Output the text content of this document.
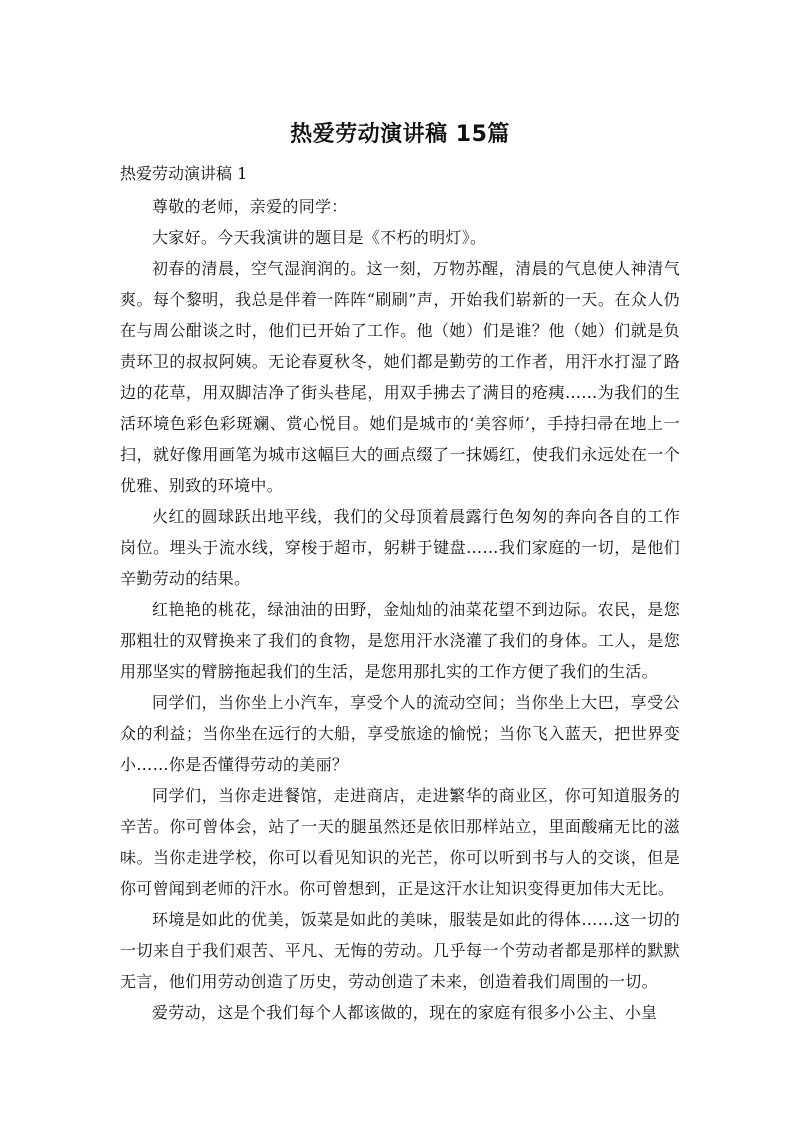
热爱劳动演讲稿 15篇
热爱劳动演讲稿 1

尊敬的老师，亲爱的同学：

大家好。今天我演讲的题目是《不朽的明灯》。

初春的清晨，空气湿润润的。这一刻，万物苏醒，清晨的气息使人神清气爽。每个黎明，我总是伴着一阵阵“刷刷”声，开始我们崭新的一天。在众人仍在与周公酣谈之时，他们已开始了工作。他（她）们是谁？他（她）们就是负责环卫的叔叔阿姨。无论春夏秋冬，她们都是勤劳的工作者，用汗水打湿了路边的花草，用双脚洁净了街头巷尾，用双手拂去了满目的疮痍……为我们的生活环境色彩色彩斑斓、赏心悦目。她们是城市的‘美容师’，手持扫帚在地上一扫，就好像用画笔为城市这幅巨大的画点缀了一抹嫣红，使我们永远处在一个优雅、别致的环境中。

火红的圆球跃出地平线，我们的父母顶着晨露行色匆匆的奔向各自的工作岗位。埋头于流水线，穿梭于超市，躬耕于键盘……我们家庭的一切，是他们辛勤劳动的结果。

红艳艳的桃花，绿油油的田野，金灿灿的油菜花望不到边际。农民，是您那粗壮的双臂换来了我们的食物，是您用汗水浇灌了我们的身体。工人，是您用那坚实的臂膀拖起我们的生活，是您用那扎实的工作方便了我们的生活。

同学们，当你坐上小汽车，享受个人的流动空间；当你坐上大巴，享受公众的利益；当你坐在远行的大船，享受旅途的愉悦；当你飞入蓝天，把世界变小……你是否懂得劳动的美丽？

同学们，当你走进餐馆，走进商店，走进繁华的商业区，你可知道服务的辛苦。你可曾体会，站了一天的腿虽然还是依旧那样站立，里面酸痛无比的滋味。当你走进学校，你可以看见知识的光芒，你可以听到书与人的交谈，但是你可曾闻到老师的汗水。你可曾想到，正是这汗水让知识变得更加伟大无比。

环境是如此的优美，饭菜是如此的美味，服装是如此的得体……这一切的一切来自于我们艰苦、平凡、无悔的劳动。几乎每一个劳动者都是那样的默默无言，他们用劳动创造了历史，劳动创造了未来，创造着我们周围的一切。

爱劳动，这是个我们每个人都该做的，现在的家庭有很多小公主、小皇
